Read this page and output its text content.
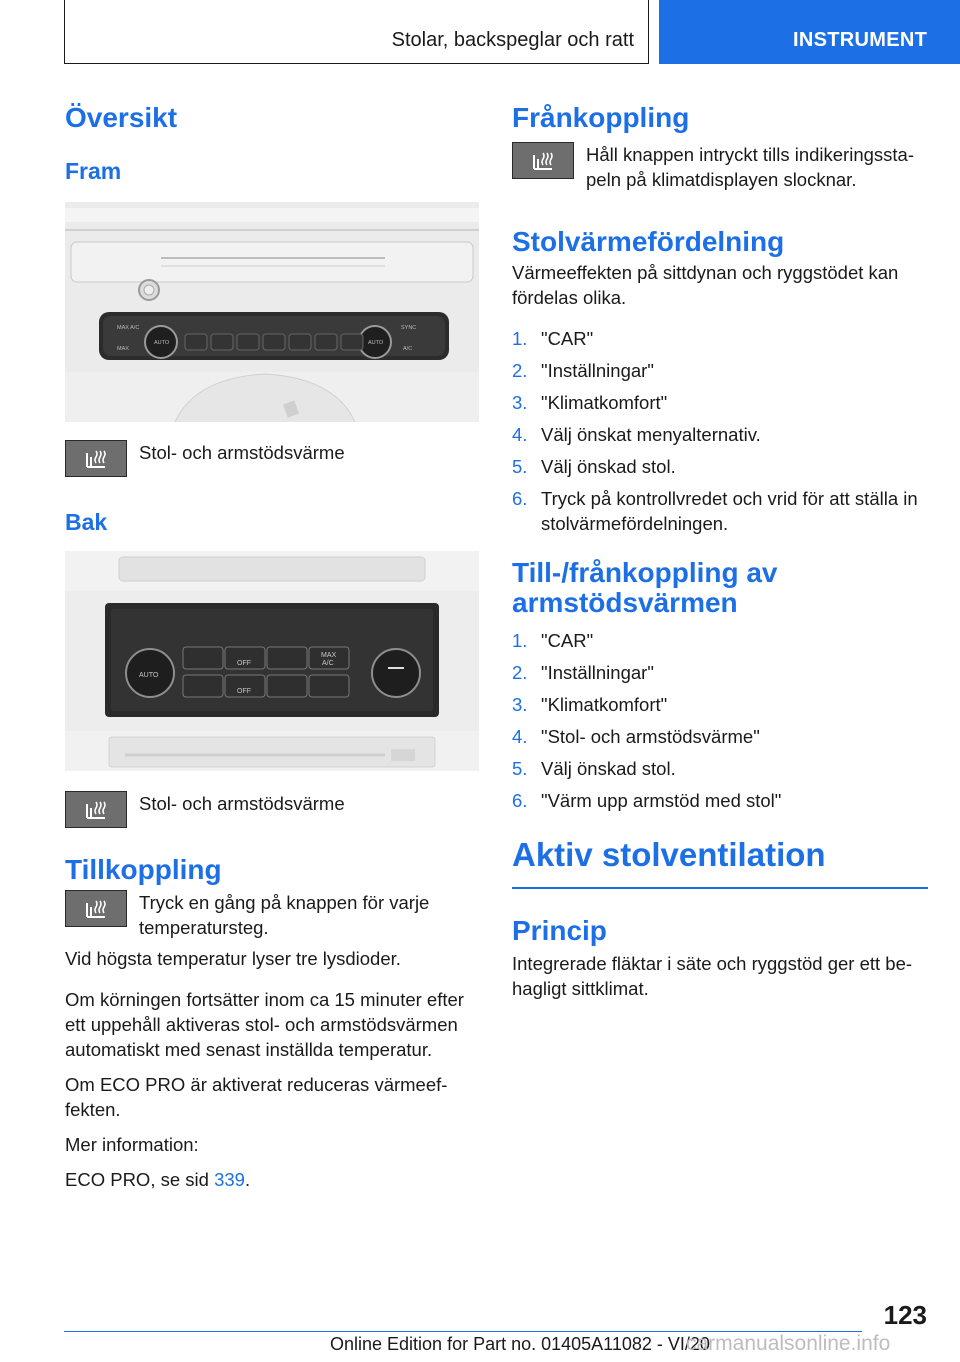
Stolar, backspeglar och ratt	INSTRUMENT
Översikt
Fram
MAX A/C
MAX
AUTO	AUTO
SYNC
A/C

Stol- och armstödsvärme

Bak
AUTO
OFF
MAX
A/C
OFF

Stol- och armstödsvärme

Tillkoppling

Tryck en gång på knappen för varje temperatursteg.

Vid högsta temperatur lyser tre lysdioder.

Om körningen fortsätter inom ca 15 minuter efter ett uppehåll aktiveras stol- och armstödsvärmen automatiskt med senast inställda temperatur.

Om ECO PRO är aktiverat reduceras värmeeffekten.

Mer information:

ECO PRO, se sid 339.

Frånkoppling

Håll knappen intryckt tills indikeringsstapeln på klimatdisplayen slocknar.

Stolvärmefördelning

Värmeeffekten på sittdynan och ryggstödet kan fördelas olika.

1. "CAR"
2. "Inställningar"
3. "Klimatkomfort"
4. Välj önskat menyalternativ.
5. Välj önskad stol.
6. Tryck på kontrollvredet och vrid för att ställa in stolvärmefördelningen.
Till-/frånkoppling av armstödsvärmen
1. "CAR"
2. "Inställningar"
3. "Klimatkomfort"
4. "Stol- och armstödsvärme"
5. Välj önskad stol.
6. "Värm upp armstöd med stol"
Aktiv stolventilation
Princip

Integrerade fläktar i säte och ryggstöd ger ett behagligt sittklimat.

123
Online Edition for Part no. 01405A11082 - VI/20
carmanualsonline.info
